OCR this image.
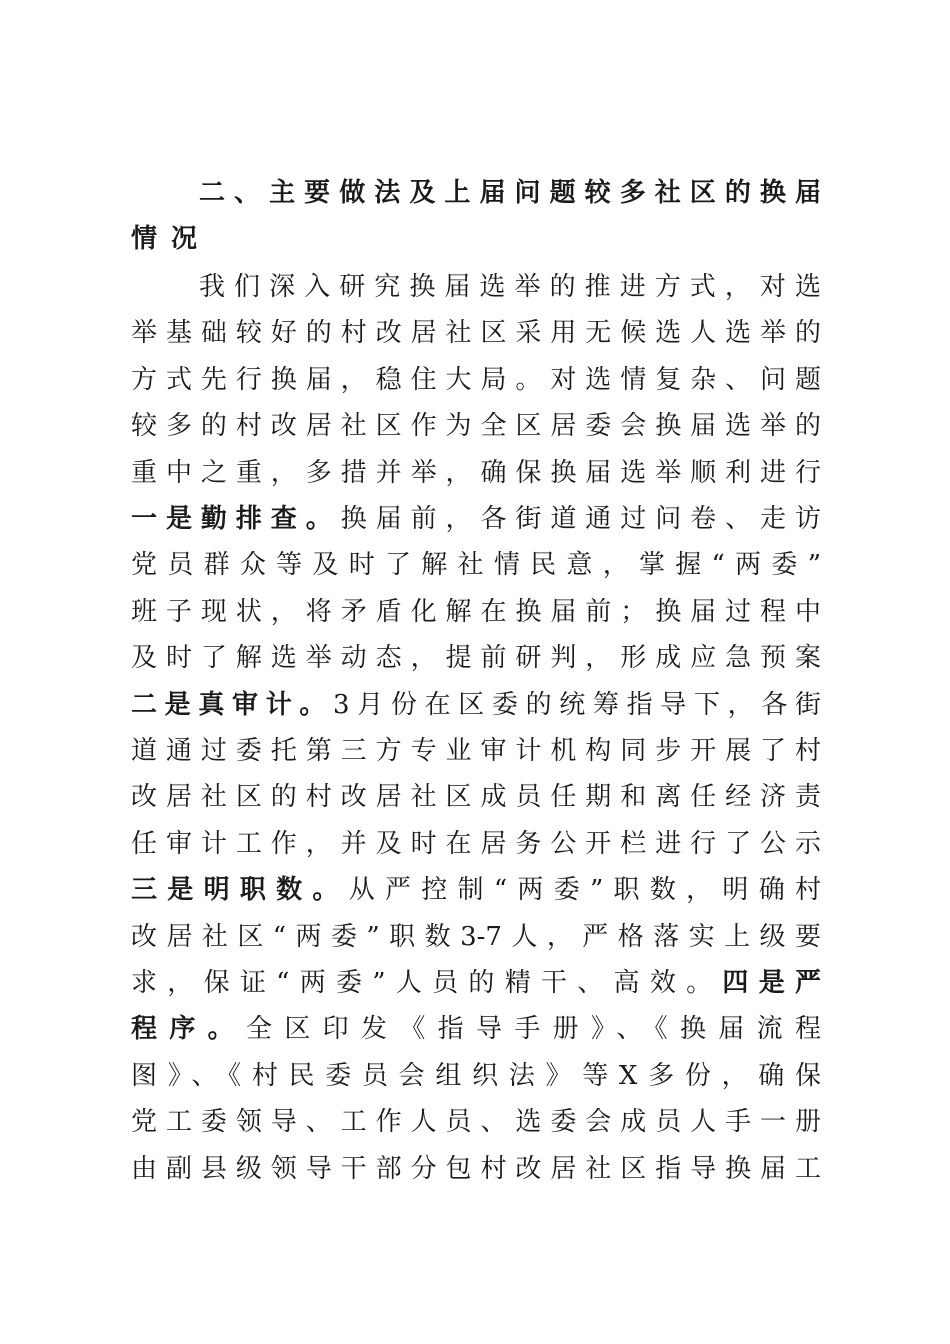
二、主要做法及上届问题较多社区的换届
情况
我们深入研究换届选举的推进方式，对选
举基础较好的村改居社区采用无候选人选举的
方式先行换届，稳住大局。对选情复杂、问题
较多的村改居社区作为全区居委会换届选举的
重中之重，多措并举，确保换届选举顺利进行
一是勤排查。换届前，各街道通过问卷、走访
党员群众等及时了解社情民意，掌握“两委”
班子现状，将矛盾化解在换届前；换届过程中
及时了解选举动态，提前研判，形成应急预案
二是真审计。3月份在区委的统筹指导下，各街
道通过委托第三方专业审计机构同步开展了村
改居社区的村改居社区成员任期和离任经济责
任审计工作，并及时在居务公开栏进行了公示
三是明职数。从严控制“两委”职数，明确村
改居社区“两委”职数3-7人，严格落实上级要
求，保证“两委”人员的精干、高效。四是严
程序。全区印发《指导手册》、《换届流程
图》、《村民委员会组织法》等X多份，确保
党工委领导、工作人员、选委会成员人手一册
由副县级领导干部分包村改居社区指导换届工
